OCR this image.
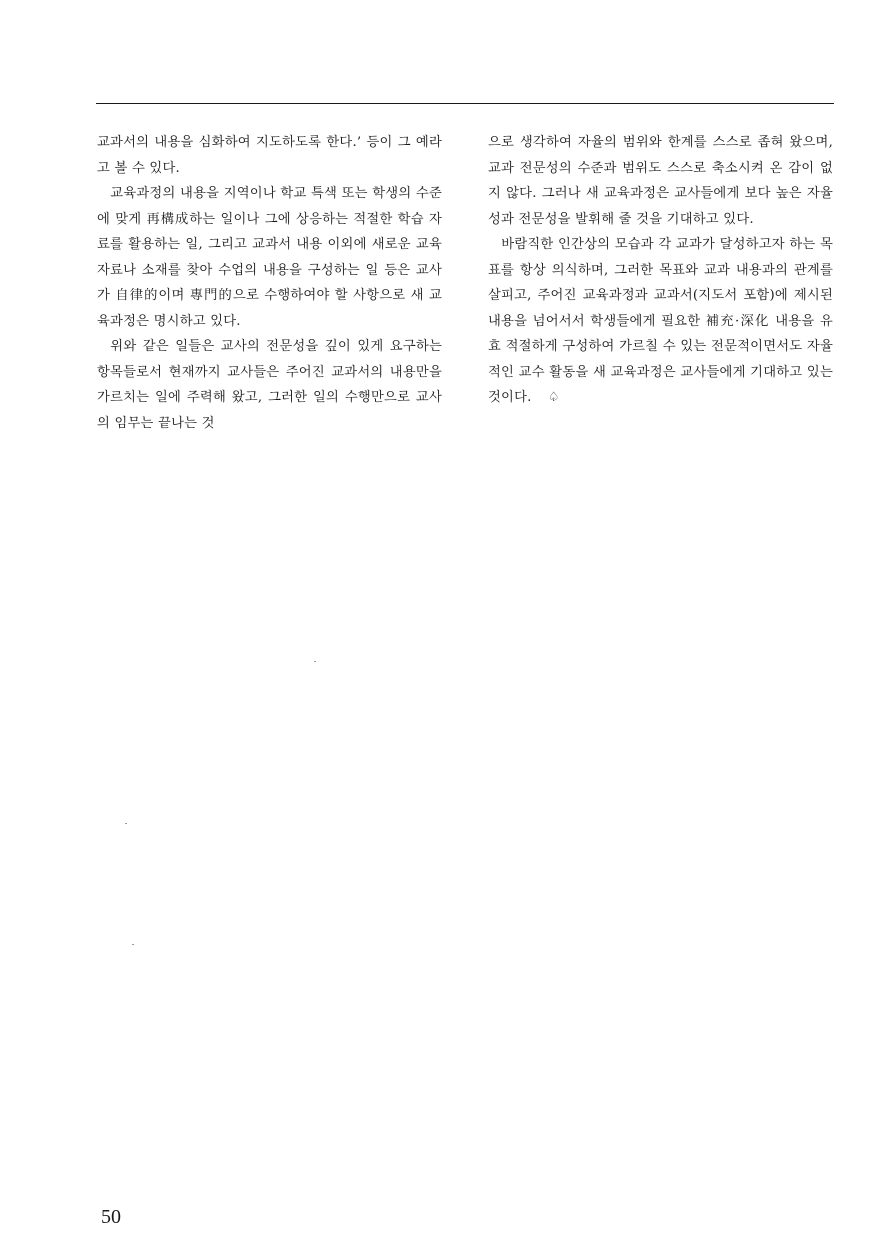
교과서의 내용을 심화하여 지도하도록 한다.’ 등이 그 예라고 볼 수 있다.

교육과정의 내용을 지역이나 학교 특색 또는 학생의 수준에 맞게 再構成하는 일이나 그에 상응하는 적절한 학습 자료를 활용하는 일, 그리고 교과서 내용 이외에 새로운 교육 자료나 소재를 찾아 수업의 내용을 구성하는 일 등은 교사가 自律的이며 專門的으로 수행하여야 할 사항으로 새 교육과정은 명시하고 있다.

위와 같은 일들은 교사의 전문성을 깊이 있게 요구하는 항목들로서 현재까지 교사들은 주어진 교과서의 내용만을 가르치는 일에 주력해 왔고, 그러한 일의 수행만으로 교사의 임무는 끝나는 것

으로 생각하여 자율의 범위와 한계를 스스로 좁혀 왔으며, 교과 전문성의 수준과 범위도 스스로 축소시켜 온 감이 없지 않다. 그러나 새 교육과정은 교사들에게 보다 높은 자율성과 전문성을 발휘해 줄 것을 기대하고 있다.

바람직한 인간상의 모습과 각 교과가 달성하고자 하는 목표를 항상 의식하며, 그러한 목표와 교과 내용과의 관계를 살피고, 주어진 교육과정과 교과서(지도서 포함)에 제시된 내용을 넘어서서 학생들에게 필요한 補充·深化 내용을 유효 적절하게 구성하여 가르칠 수 있는 전문적이면서도 자율적인 교수 활동을 새 교육과정은 교사들에게 기대하고 있는 것이다. ♤

50
